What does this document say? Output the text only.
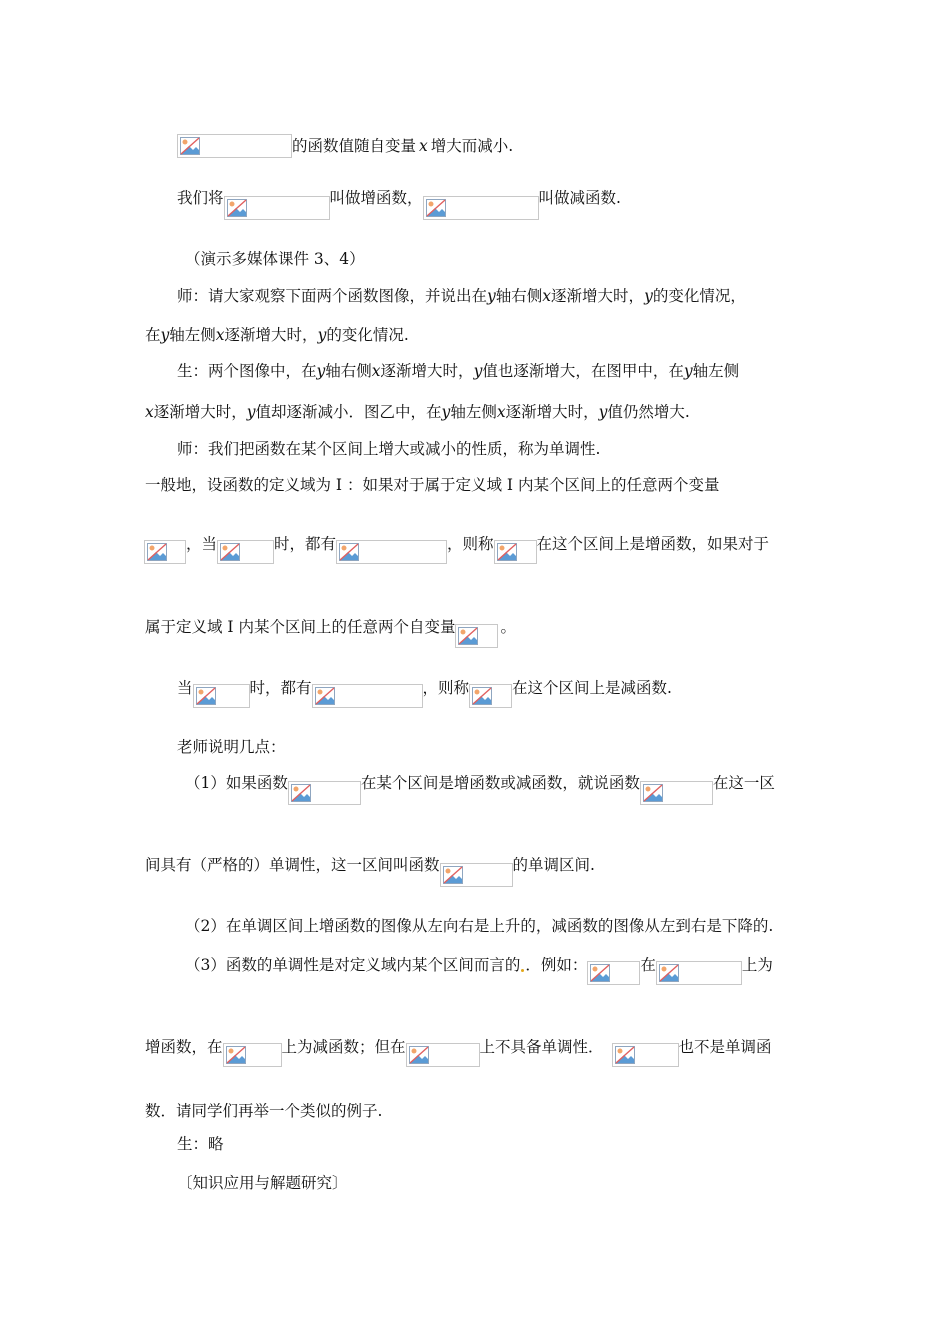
的函数值随自变量 x 增大而减小.
我们将	叫做增函数，	叫做减函数.
（演示多媒体课件 3、4）
师：请大家观察下面两个函数图像，并说出在 y 轴右侧 x 逐渐增大时， y 的变化情况，
在 y 轴左侧 x 逐渐增大时， y 的变化情况.
生：两个图像中，在 y 轴右侧 x 逐渐增大时， y 值也逐渐增大，在图甲中，在 y 轴左侧
x 逐渐增大时， y 值却逐渐减小．图乙中，在 y 轴左侧 x 逐渐增大时， y 值仍然增大.
师：我们把函数在某个区间上增大或减小的性质，称为单调性.
一般地，设函数的定义域为 I ：如果对于属于定义域 I 内某个区间上的任意两个变量
，当	时，都有	，则称	在这个区间上是增函数，如果对于
属于定义域 I 内某个区间上的任意两个自变量	。
当	时，都有	，则称	在这个区间上是减函数.
老师说明几点：
（1）如果函数	在某个区间是增函数或减函数，就说函数	在这一区
间具有（严格的）单调性，这一区间叫函数	的单调区间.
（2）在单调区间上增函数的图像从左向右是上升的，减函数的图像从左到右是下降的.
（3）函数的单调性是对定义域内某个区间而言的 ．例如：	在	上为
增函数，在	上为减函数；但在	上不具备单调性．	也不是单调函
数．请同学们再举一个类似的例子.
生：略
〔知识应用与解题研究〕
